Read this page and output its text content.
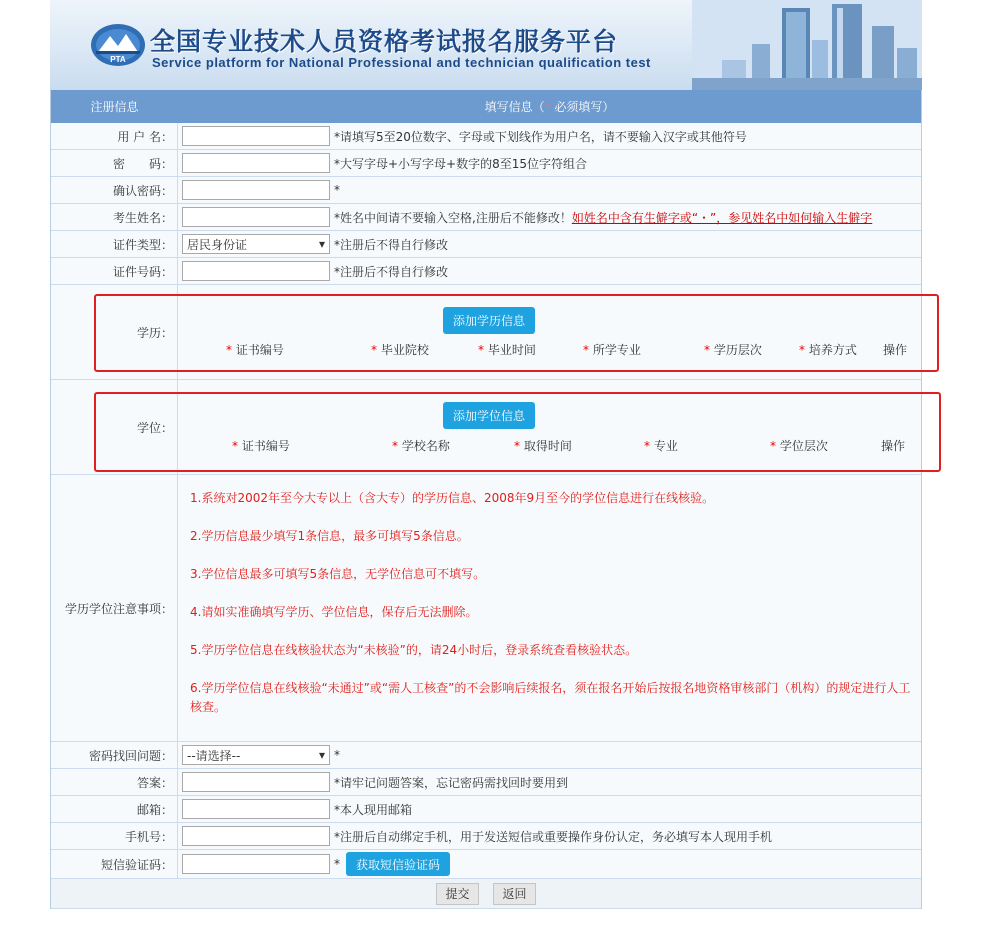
PTA
全国专业技术人员资格考试报名服务平台
Service platform for National Professional and technician qualification test
注册信息	填写信息（* 必须填写）
用 户 名：	*请填写5至20位数字、字母或下划线作为用户名，请不要输入汉字或其他符号
密　　码：	*大写字母+小写字母+数字的8至15位字符组合
确认密码：	*
考生姓名：	*姓名中间请不要输入空格,注册后不能修改！如姓名中含有生僻字或“・”，参见姓名中如何输入生僻字
证件类型：	居民身份证	▾ *注册后不得自行修改
证件号码：	*注册后不得自行修改
学历：
添加学历信息
* 证书编号	* 毕业院校	* 毕业时间	* 所学专业	* 学历层次	* 培养方式 操作
学位：
添加学位信息
* 证书编号	* 学校名称	* 取得时间	* 专业	* 学位层次	操作
学历学位注意事项：
1.系统对2002年至今大专以上（含大专）的学历信息、2008年9月至今的学位信息进行在线核验。
2.学历信息最少填写1条信息，最多可填写5条信息。
3.学位信息最多可填写5条信息，无学位信息可不填写。
4.请如实准确填写学历、学位信息，保存后无法删除。
5.学历学位信息在线核验状态为“未核验”的，请24小时后，登录系统查看核验状态。
6.学历学位信息在线核验“未通过”或“需人工核查”的不会影响后续报名，须在报名开始后按报名地资格审核部门（机构）的规定进行人工核查。
密码找回问题：	--请选择--	▾ *
答案：	*请牢记问题答案，忘记密码需找回时要用到
邮箱：	*本人现用邮箱
手机号：	*注册后自动绑定手机，用于发送短信或重要操作身份认定，务必填写本人现用手机
短信验证码：	*	获取短信验证码
提交	返回
